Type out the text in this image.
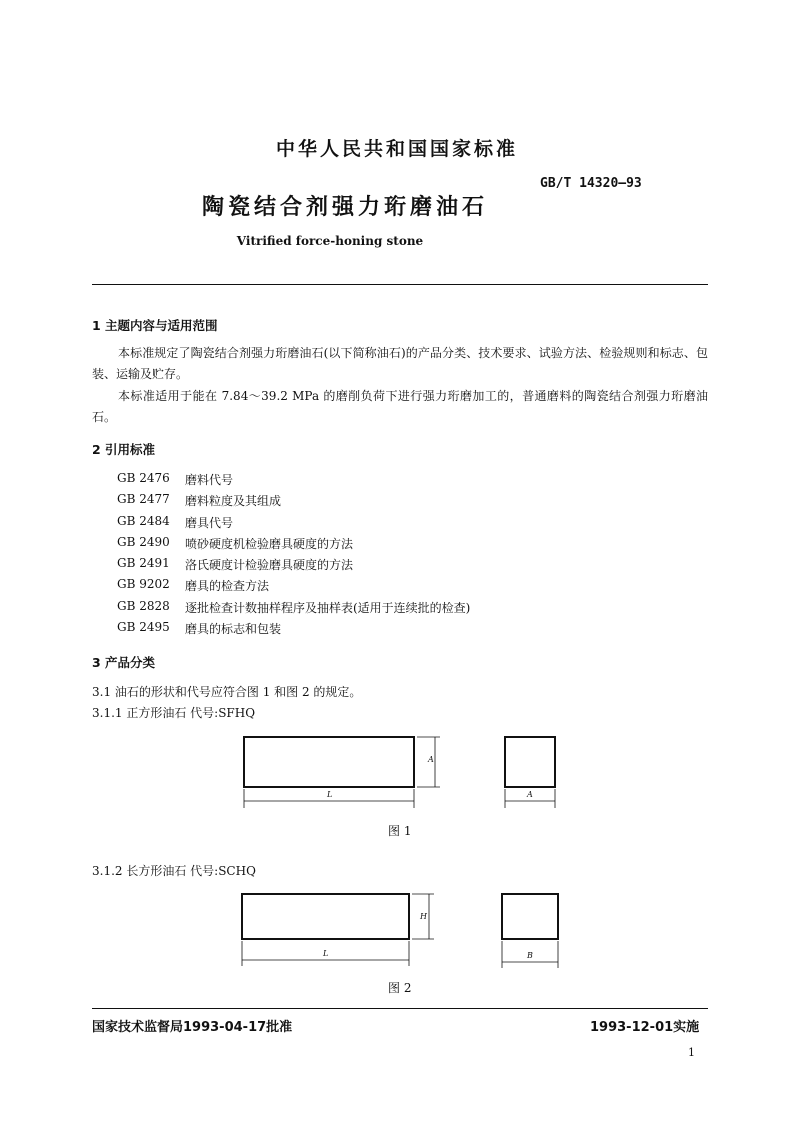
中华人民共和国国家标准
GB/T 14320—93
陶瓷结合剂强力珩磨油石
Vitrified force-honing stone
1 主题内容与适用范围
本标准规定了陶瓷结合剂强力珩磨油石(以下简称油石)的产品分类、技术要求、试验方法、检验规则和标志、包装、运输及贮存。
本标准适用于能在 7.84～39.2 MPa 的磨削负荷下进行强力珩磨加工的，普通磨料的陶瓷结合剂强力珩磨油石。
2 引用标准
GB 2476 磨料代号
GB 2477 磨料粒度及其组成
GB 2484 磨具代号
GB 2490 喷砂硬度机检验磨具硬度的方法
GB 2491 洛氏硬度计检验磨具硬度的方法
GB 9202 磨具的检查方法
GB 2828 逐批检查计数抽样程序及抽样表(适用于连续批的检查)
GB 2495 磨具的标志和包装
3 产品分类
3.1 油石的形状和代号应符合图 1 和图 2 的规定。
3.1.1 正方形油石 代号:SFHQ
L
A
A
图 1
3.1.2 长方形油石 代号:SCHQ
L
H
B
图 2
国家技术监督局1993-04-17批准	1993-12-01实施
1
